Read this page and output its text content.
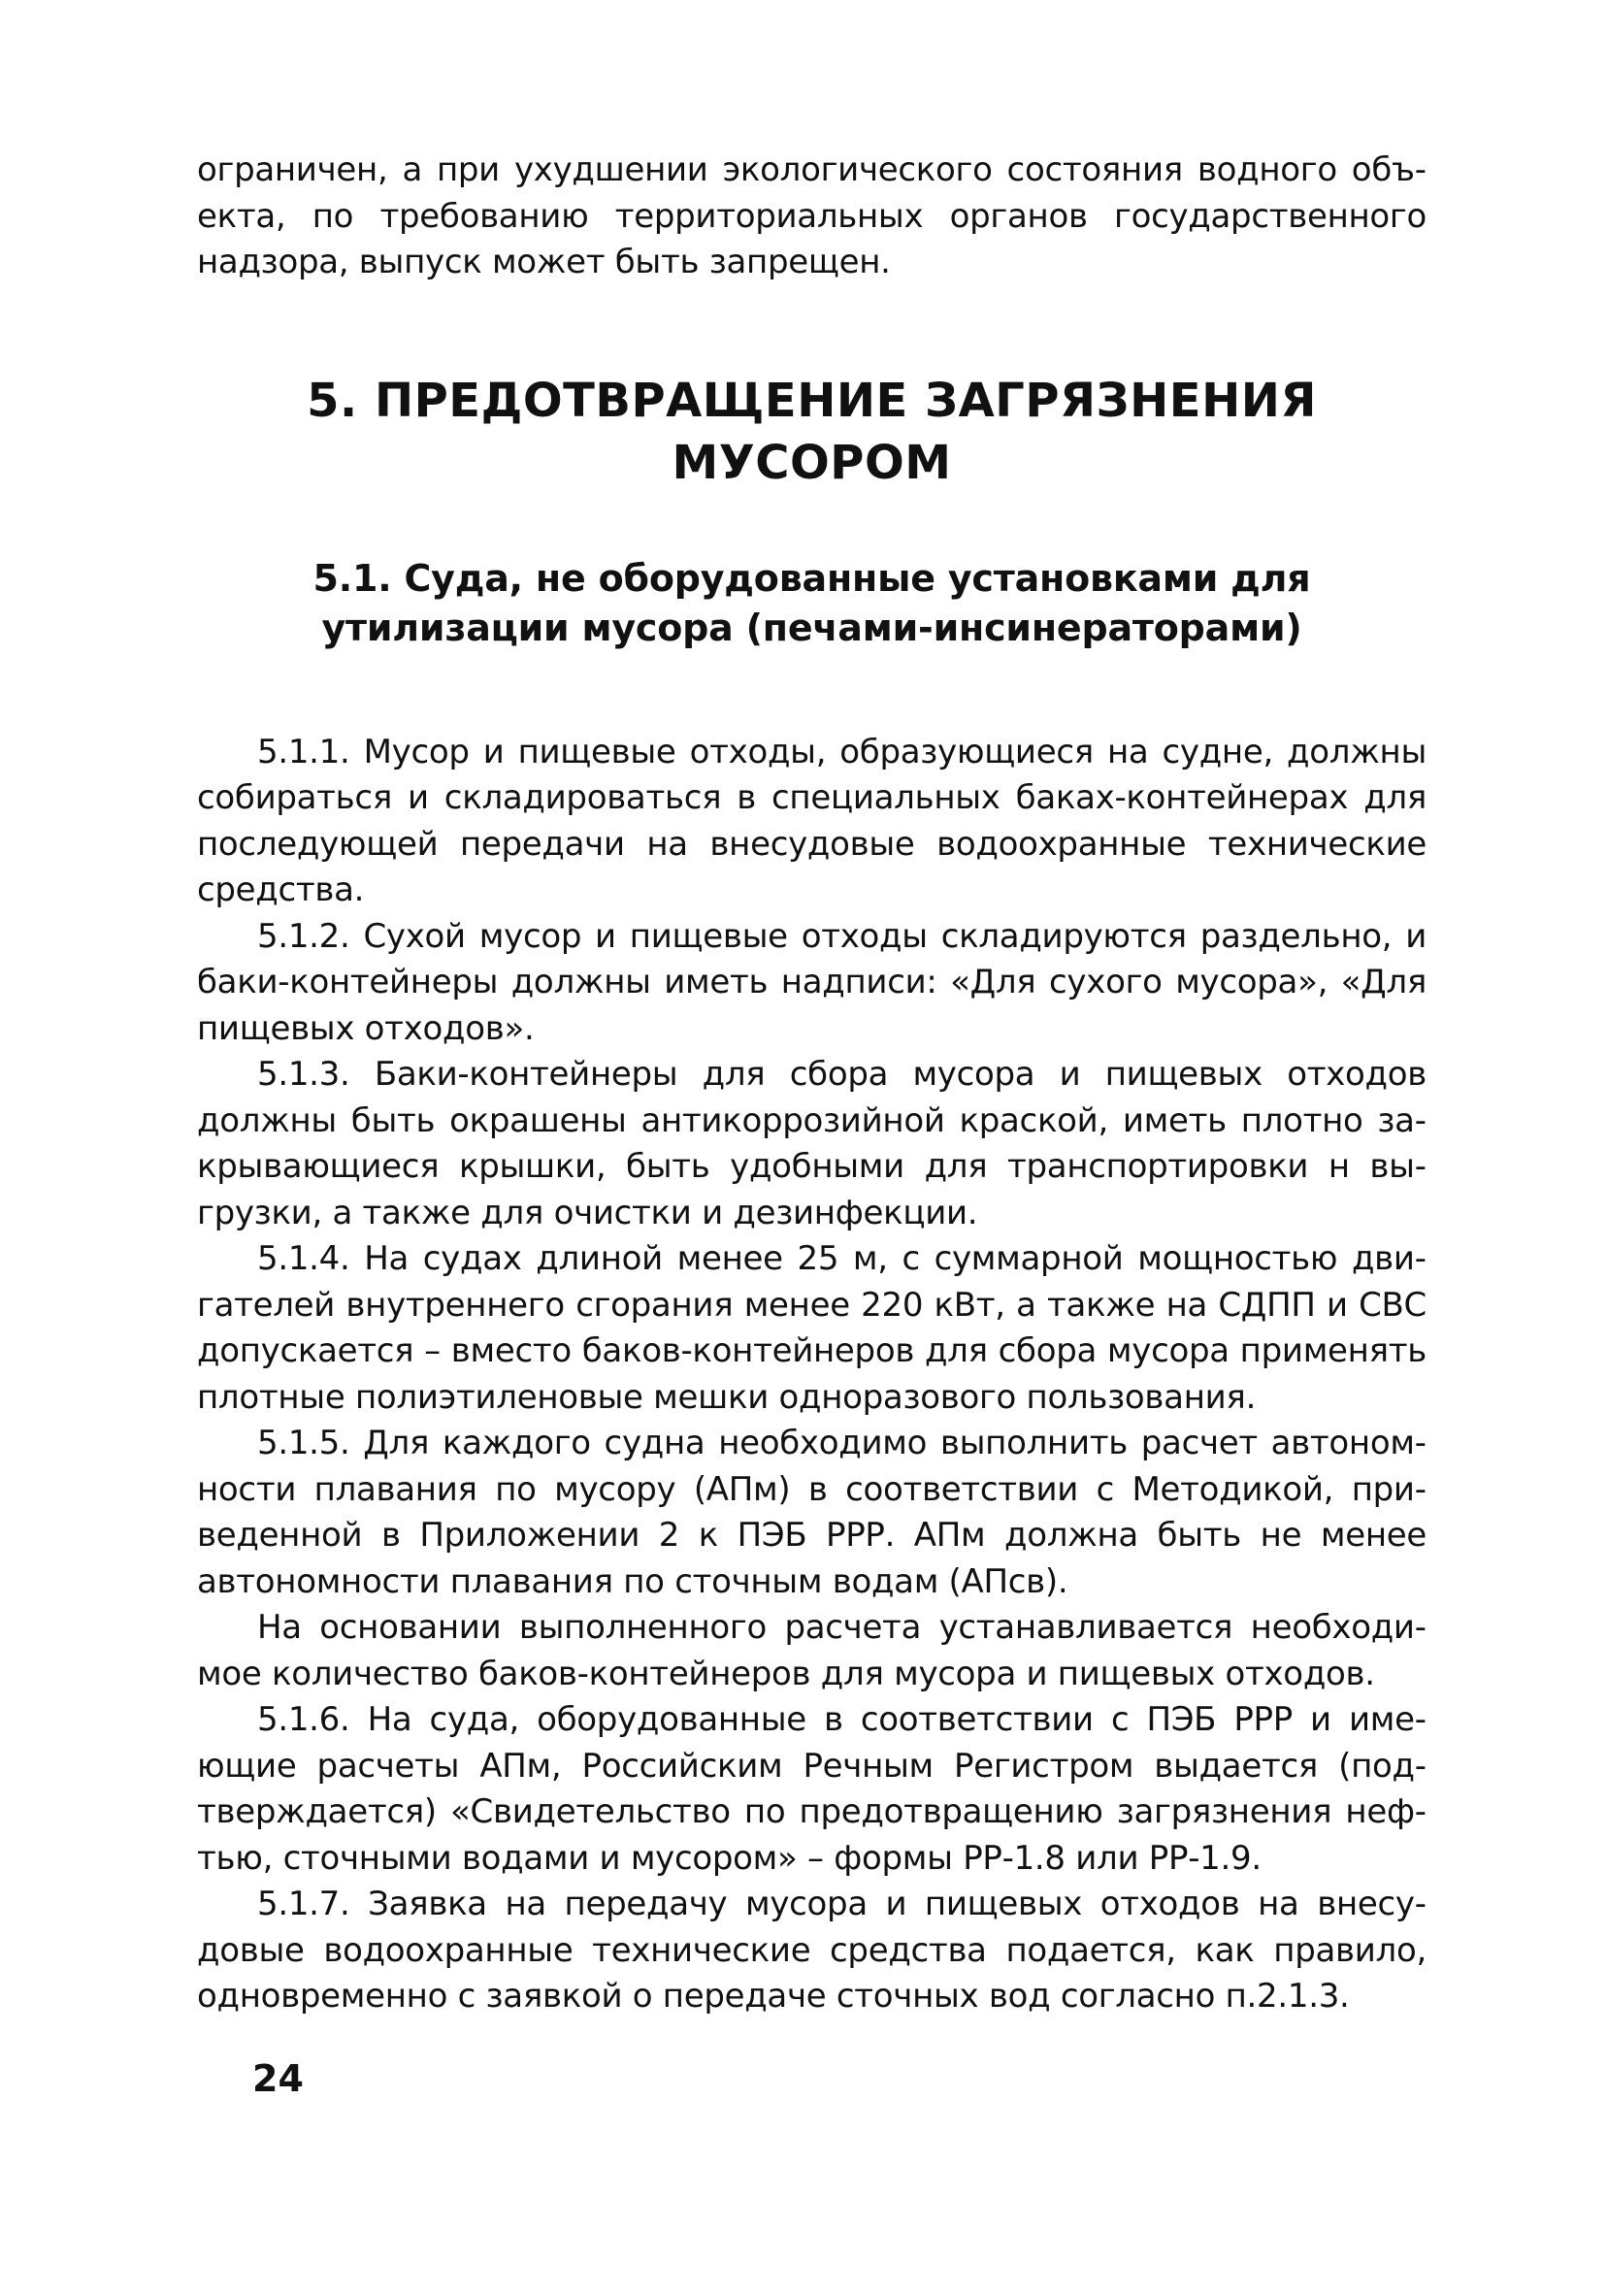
ограничен, а при ухудшении экологического состояния водного объекта, по требованию территориальных органов государственного надзора, выпуск может быть запрещен.

5. ПРЕДОТВРАЩЕНИЕ ЗАГРЯЗНЕНИЯ
МУСОРОМ
5.1. Суда, не оборудованные установками для
утилизации мусора (печами-инсинераторами)

5.1.1. Мусор и пищевые отходы, образующиеся на судне, должны собираться и складироваться в специальных баках-контейнерах для последующей передачи на внесудовые водоохранные технические средства.

5.1.2. Сухой мусор и пищевые отходы складируются раздельно, и баки-контейнеры должны иметь надписи: «Для сухого мусора», «Для пищевых отходов».

5.1.3. Баки-контейнеры для сбора мусора и пищевых отходов должны быть окрашены антикоррозийной краской, иметь плотно закрывающиеся крышки, быть удобными для транспортировки н выгрузки, а также для очистки и дезинфекции.

5.1.4. На судах длиной менее 25 м, с суммарной мощностью двигателей внутреннего сгорания менее 220 кВт, а также на СДПП и СВС допускается – вместо баков-контейнеров для сбора мусора применять плотные полиэтиленовые мешки одноразового пользования.

5.1.5. Для каждого судна необходимо выполнить расчет автономности плавания по мусору (АПм) в соответствии с Методикой, приведенной в Приложении 2 к ПЭБ РРР. АПм должна быть не менее автономности плавания по сточным водам (АПсв).

На основании выполненного расчета устанавливается необходимое количество баков-контейнеров для мусора и пищевых отходов.

5.1.6. На суда, оборудованные в соответствии с ПЭБ РРР и имеющие расчеты АПм, Российским Речным Регистром выдается (подтверждается) «Свидетельство по предотвращению загрязнения нефтью, сточными водами и мусором» – формы РР-1.8 или РР-1.9.

5.1.7. Заявка на передачу мусора и пищевых отходов на внесудовые водоохранные технические средства подается, как правило, одновременно с заявкой о передаче сточных вод согласно п.2.1.3.

24
